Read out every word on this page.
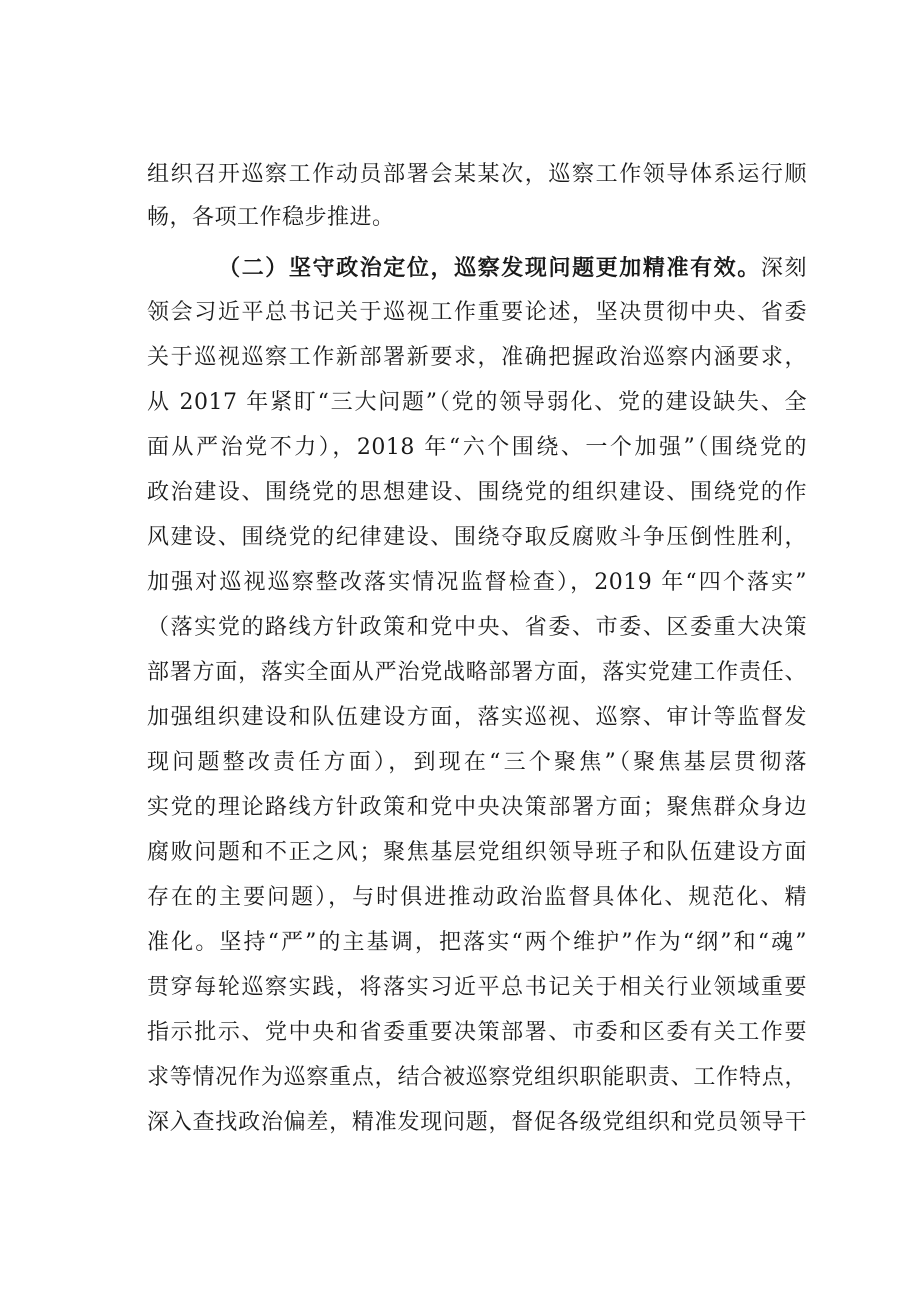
组织召开巡察工作动员部署会某某次，巡察工作领导体系运行顺
畅，各项工作稳步推进。
（二）坚守政治定位，巡察发现问题更加精准有效。深刻
领会习近平总书记关于巡视工作重要论述，坚决贯彻中央、省委
关于巡视巡察工作新部署新要求，准确把握政治巡察内涵要求，
从 2017 年紧盯“三大问题”（党的领导弱化、党的建设缺失、全
面从严治党不力），2018 年“六个围绕、一个加强”（围绕党的
政治建设、围绕党的思想建设、围绕党的组织建设、围绕党的作
风建设、围绕党的纪律建设、围绕夺取反腐败斗争压倒性胜利，
加强对巡视巡察整改落实情况监督检查），2019 年“四个落实”
（落实党的路线方针政策和党中央、省委、市委、区委重大决策
部署方面，落实全面从严治党战略部署方面，落实党建工作责任、
加强组织建设和队伍建设方面，落实巡视、巡察、审计等监督发
现问题整改责任方面），到现在“三个聚焦”（聚焦基层贯彻落
实党的理论路线方针政策和党中央决策部署方面；聚焦群众身边
腐败问题和不正之风；聚焦基层党组织领导班子和队伍建设方面
存在的主要问题），与时俱进推动政治监督具体化、规范化、精
准化。坚持“严”的主基调，把落实“两个维护”作为“纲”和“魂”
贯穿每轮巡察实践，将落实习近平总书记关于相关行业领域重要
指示批示、党中央和省委重要决策部署、市委和区委有关工作要
求等情况作为巡察重点，结合被巡察党组织职能职责、工作特点，
深入查找政治偏差，精准发现问题，督促各级党组织和党员领导干
